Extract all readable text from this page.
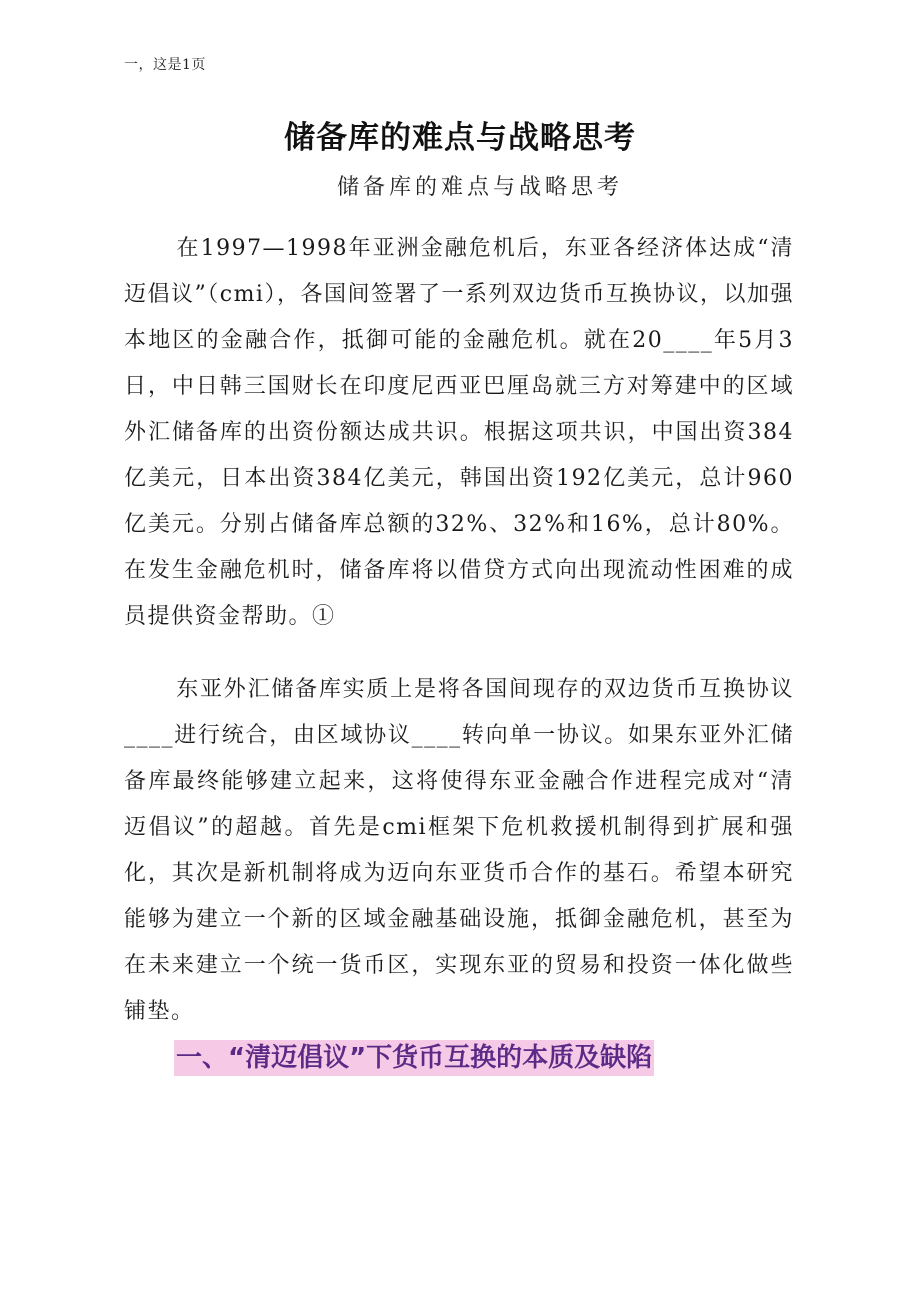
一，这是1页
储备库的难点与战略思考
储备库的难点与战略思考
在1997—1998年亚洲金融危机后，东亚各经济体达成“清迈倡议”（cmi），各国间签署了一系列双边货币互换协议，以加强本地区的金融合作，抵御可能的金融危机。就在20____年5月3日，中日韩三国财长在印度尼西亚巴厘岛就三方对筹建中的区域外汇储备库的出资份额达成共识。根据这项共识，中国出资384亿美元，日本出资384亿美元，韩国出资192亿美元，总计960亿美元。分别占储备库总额的32%、32%和16%，总计80%。在发生金融危机时，储备库将以借贷方式向出现流动性困难的成员提供资金帮助。①
东亚外汇储备库实质上是将各国间现存的双边货币互换协议____进行统合，由区域协议____转向单一协议。如果东亚外汇储备库最终能够建立起来，这将使得东亚金融合作进程完成对“清迈倡议”的超越。首先是cmi框架下危机救援机制得到扩展和强化，其次是新机制将成为迈向东亚货币合作的基石。希望本研究能够为建立一个新的区域金融基础设施，抵御金融危机，甚至为在未来建立一个统一货币区，实现东亚的贸易和投资一体化做些铺垫。
一、“清迈倡议”下货币互换的本质及缺陷
